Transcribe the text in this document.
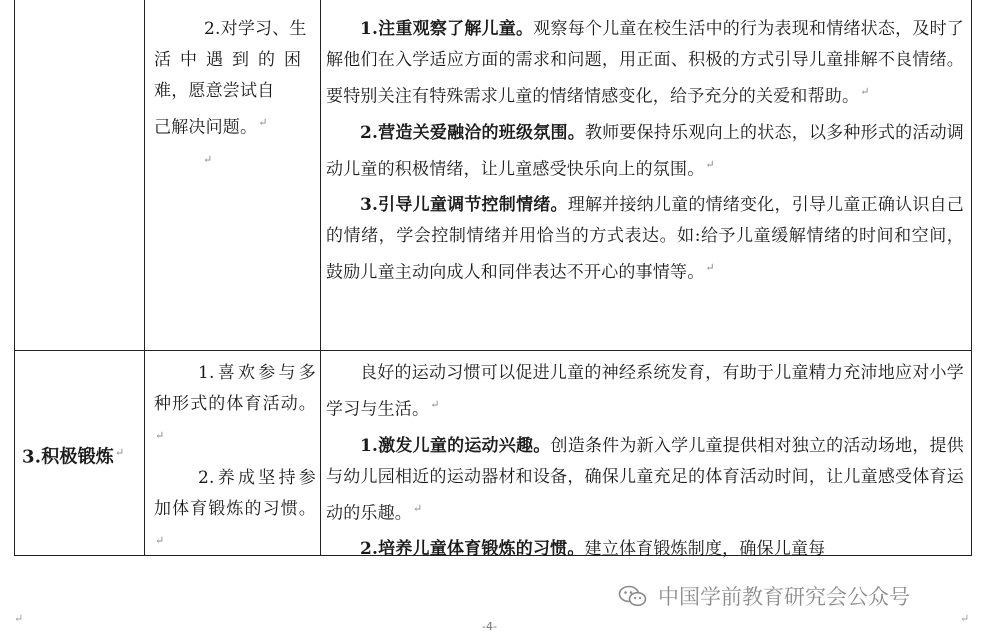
2.对学习、生
活中遇到的困
难，愿意尝试自
己解决问题。↵
↵

1.注重观察了解儿童。观察每个儿童在校生活中的行为表现和情绪状态，及时了解他们在入学适应方面的需求和问题，用正面、积极的方式引导儿童排解不良情绪。要特别关注有特殊需求儿童的情绪情感变化，给予充分的关爱和帮助。↵

2.营造关爱融洽的班级氛围。教师要保持乐观向上的状态，以多种形式的活动调动儿童的积极情绪，让儿童感受快乐向上的氛围。↵

3.引导儿童调节控制情绪。理解并接纳儿童的情绪变化，引导儿童正确认识自己的情绪，学会控制情绪并用恰当的方式表达。如:给予儿童缓解情绪的时间和空间，鼓励儿童主动向成人和同伴表达不开心的事情等。↵

3.积极锻炼↵

1.喜欢参与多种形式的体育活动。↵

2.养成坚持参加体育锻炼的习惯。↵

良好的运动习惯可以促进儿童的神经系统发育，有助于儿童精力充沛地应对小学学习与生活。↵

1.激发儿童的运动兴趣。创造条件为新入学儿童提供相对独立的活动场地，提供与幼儿园相近的运动器材和设备，确保儿童充足的体育活动时间，让儿童感受体育运动的乐趣。↵

2.培养儿童体育锻炼的习惯。建立体育锻炼制度，确保儿童每

↵	↵
-4-
中国学前教育研究会公众号
